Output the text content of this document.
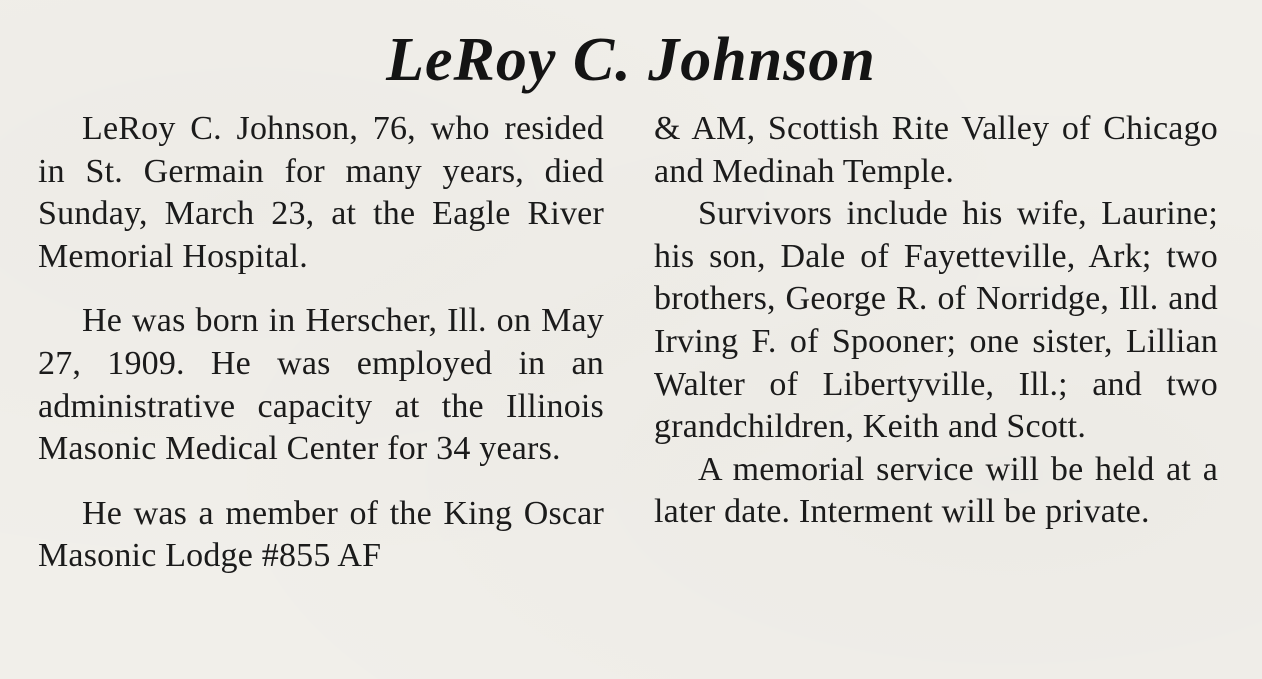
LeRoy C. Johnson

LeRoy C. Johnson, 76, who resided in St. Germain for many years, died Sunday, March 23, at the Eagle River Memorial Hospital.

He was born in Herscher, Ill. on May 27, 1909. He was employed in an administrative capacity at the Illinois Masonic Medical Center for 34 years.

He was a member of the King Oscar Masonic Lodge #855 AF

& AM, Scottish Rite Valley of Chicago and Medinah Temple.

Survivors include his wife, Laurine; his son, Dale of Fayetteville, Ark; two brothers, George R. of Norridge, Ill. and Irving F. of Spooner; one sister, Lillian Walter of Libertyville, Ill.; and two grandchildren, Keith and Scott.

A memorial service will be held at a later date. Interment will be private.
